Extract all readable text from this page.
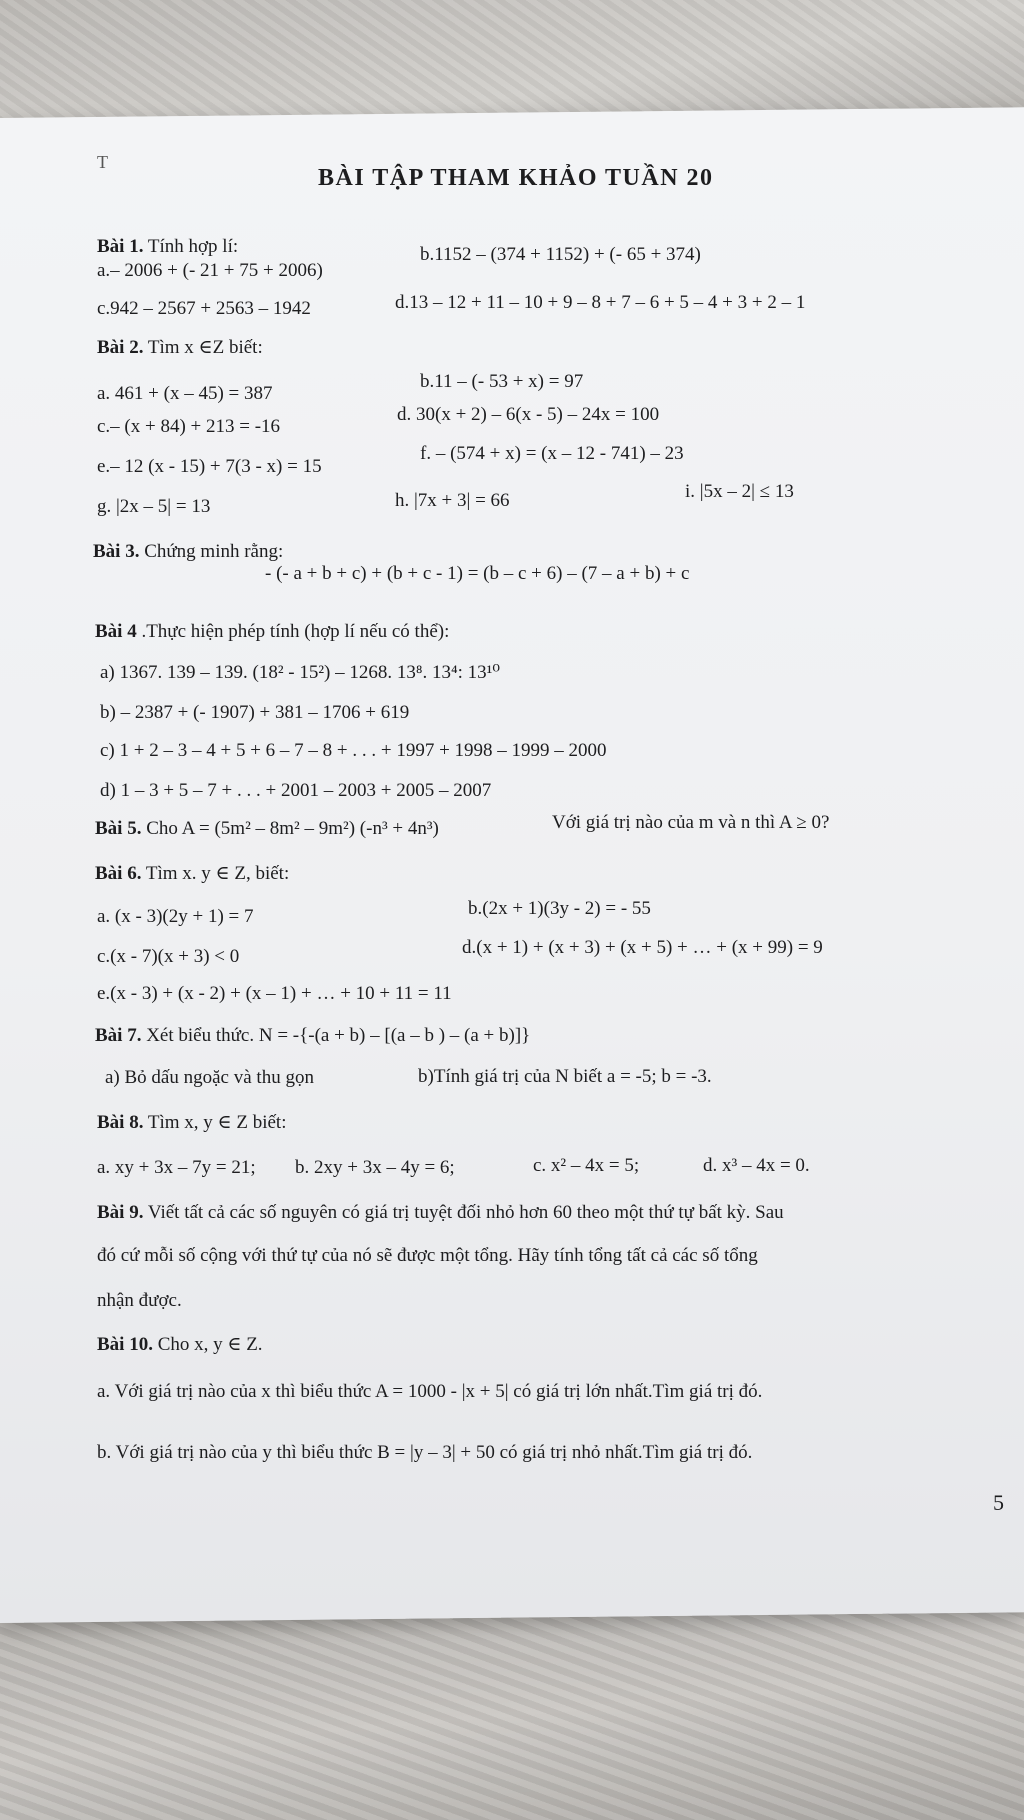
T
BÀI TẬP THAM KHẢO TUẦN 20
Bài 1. Tính hợp lí:
a.– 2006 + (- 21 + 75 + 2006)
b.1152 – (374 + 1152) + (- 65 + 374)
c.942 – 2567 + 2563 – 1942	d.13 – 12 + 11 – 10 + 9 – 8 + 7 – 6 + 5 – 4 + 3 + 2 – 1
Bài 2. Tìm x ∈Z biết:
a. 461 + (x – 45) = 387
b.11 – (- 53 + x) = 97
c.– (x + 84) + 213 = -16
d. 30(x + 2) – 6(x - 5) – 24x = 100
e.– 12 (x - 15) + 7(3 - x) = 15
f. – (574 + x) = (x – 12 - 741) – 23
g. |2x – 5| = 13	h. |7x + 3| = 66	i. |5x – 2| ≤ 13
Bài 3. Chứng minh rằng:
- (- a + b + c) + (b + c - 1) = (b – c + 6) – (7 – a + b) + c
Bài 4 .Thực hiện phép tính (hợp lí nếu có thể):
a) 1367. 139 – 139. (18² - 15²) – 1268. 13⁸. 13⁴: 13¹⁰
b) – 2387 + (- 1907) + 381 – 1706 + 619
c) 1 + 2 – 3 – 4 + 5 + 6 – 7 – 8 + . . . + 1997 + 1998 – 1999 – 2000
d) 1 – 3 + 5 – 7 + . . . + 2001 – 2003 + 2005 – 2007
Bài 5. Cho A = (5m² – 8m² – 9m²) (-n³ + 4n³)	Với giá trị nào của m và n thì A ≥ 0?
Bài 6. Tìm x. y ∈ Z, biết:
a. (x - 3)(2y + 1) = 7	b.(2x + 1)(3y - 2) = - 55
c.(x - 7)(x + 3) < 0	d.(x + 1) + (x + 3) + (x + 5) + … + (x + 99) = 9
e.(x - 3) + (x - 2) + (x – 1) + … + 10 + 11 = 11
Bài 7. Xét biểu thức. N = -{-(a + b) – [(a – b ) – (a + b)]}
a) Bỏ dấu ngoặc và thu gọn	b)Tính giá trị của N biết a = -5; b = -3.
Bài 8. Tìm x, y ∈ Z biết:
a. xy + 3x – 7y = 21; b. 2xy + 3x – 4y = 6;	c. x² – 4x = 5;	d. x³ – 4x = 0.
Bài 9. Viết tất cả các số nguyên có giá trị tuyệt đối nhỏ hơn 60 theo một thứ tự bất kỳ. Sau
đó cứ mỗi số cộng với thứ tự của nó sẽ được một tổng. Hãy tính tổng tất cả các số tổng
nhận được.
Bài 10. Cho x, y ∈ Z.
a. Với giá trị nào của x thì biểu thức A = 1000 - |x + 5| có giá trị lớn nhất.Tìm giá trị đó.
b. Với giá trị nào của y thì biểu thức B = |y – 3| + 50 có giá trị nhỏ nhất.Tìm giá trị đó.
5
